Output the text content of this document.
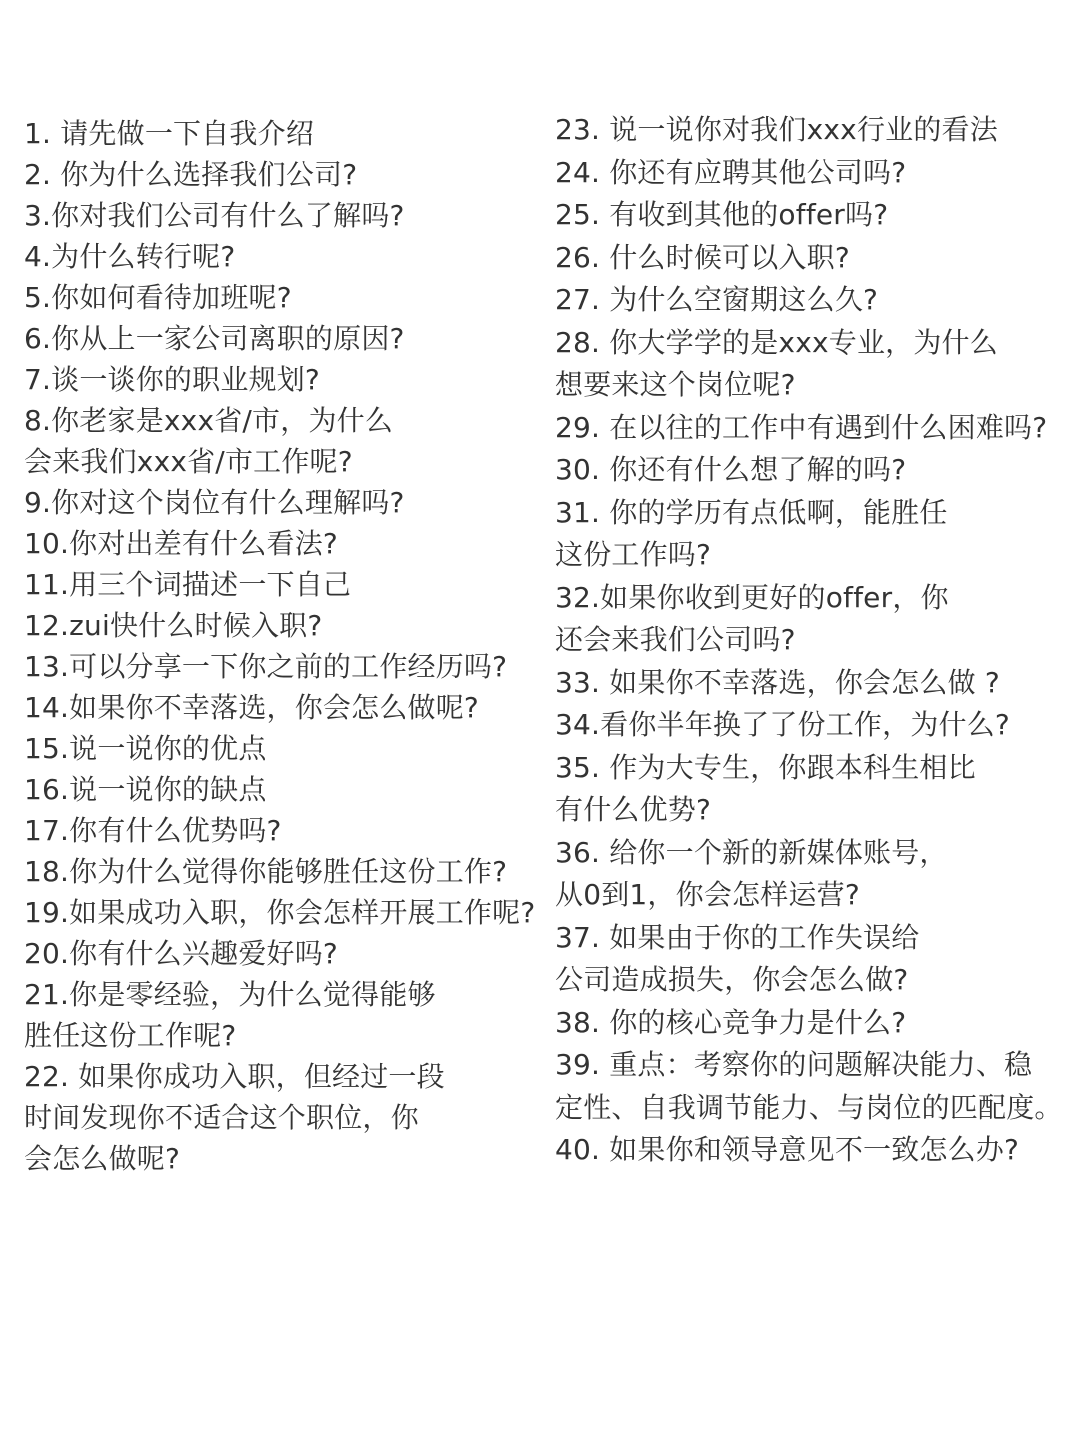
1. 请先做一下自我介绍
2. 你为什么选择我们公司?
3.你对我们公司有什么了解吗?
4.为什么转行呢?
5.你如何看待加班呢?
6.你从上一家公司离职的原因?
7.谈一谈你的职业规划?
8.你老家是xxx省/市，为什么
会来我们xxx省/市工作呢?
9.你对这个岗位有什么理解吗?
10.你对出差有什么看法?
11.用三个词描述一下自己
12.zui快什么时候入职?
13.可以分享一下你之前的工作经历吗?
14.如果你不幸落选，你会怎么做呢?
15.说一说你的优点
16.说一说你的缺点
17.你有什么优势吗?
18.你为什么觉得你能够胜任这份工作?
19.如果成功入职，你会怎样开展工作呢?
20.你有什么兴趣爱好吗?
21.你是零经验，为什么觉得能够
胜任这份工作呢?
22. 如果你成功入职，但经过一段
时间发现你不适合这个职位，你
会怎么做呢?
23. 说一说你对我们xxx行业的看法
24. 你还有应聘其他公司吗?
25. 有收到其他的offer吗?
26. 什么时候可以入职?
27. 为什么空窗期这么久?
28. 你大学学的是xxx专业，为什么
想要来这个岗位呢?
29. 在以往的工作中有遇到什么困难吗?
30. 你还有什么想了解的吗?
31. 你的学历有点低啊，能胜任
这份工作吗?
32.如果你收到更好的offer，你
还会来我们公司吗?
33. 如果你不幸落选，你会怎么做 ?
34.看你半年换了了份工作，为什么?
35. 作为大专生，你跟本科生相比
有什么优势?
36. 给你一个新的新媒体账号，
从0到1，你会怎样运营?
37. 如果由于你的工作失误给
公司造成损失，你会怎么做?
38. 你的核心竞争力是什么?
39. 重点：考察你的问题解决能力、稳
定性、自我调节能力、与岗位的匹配度。
40. 如果你和领导意见不一致怎么办?
